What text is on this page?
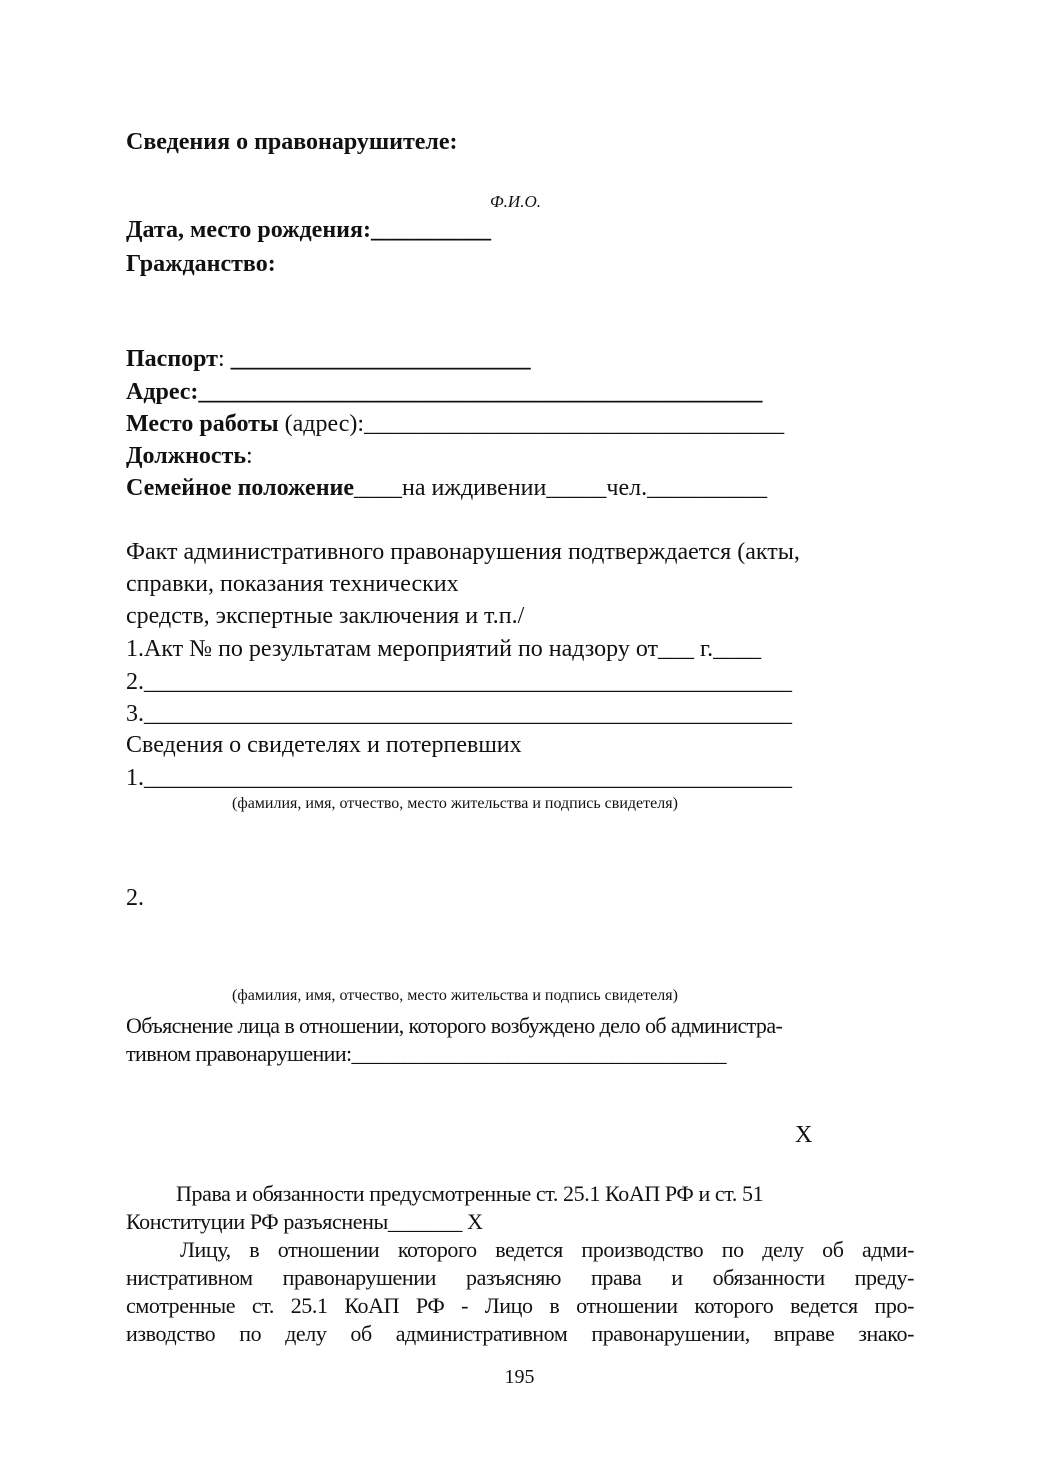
Сведения о правонарушителе:
Ф.И.О.
Дата, место рождения:__________
Гражданство:
Паспорт: _________________________
Адрес:_______________________________________________
Место работы (адрес):___________________________________
Должность:
Семейное положение____на иждивении_____чел.__________
Факт административного правонарушения подтверждается (акты,
справки, показания технических
средств, экспертные заключения и т.п./
1.Акт № по результатам мероприятий по надзору от___ г.____
2.______________________________________________________
3.______________________________________________________
Сведения о свидетелях и потерпевших
1.______________________________________________________
(фамилия, имя, отчество, место жительства и подпись свидетеля)
2.
(фамилия, имя, отчество, место жительства и подпись свидетеля)
Объяснение лица в отношении, которого возбуждено дело об администра-
тивном правонарушении:____________________________________
X
Права и обязанности предусмотренные ст. 25.1 КоАП РФ и ст. 51
Конституции РФ разъяснены_______ X
Лицу, в отношении которого ведется производство по делу об адми-
нистративном правонарушении разъясняю права и обязанности преду-
смотренные ст. 25.1 КоАП РФ - Лицо в отношении которого ведется про-
изводство по делу об административном правонарушении, вправе знако-
195
